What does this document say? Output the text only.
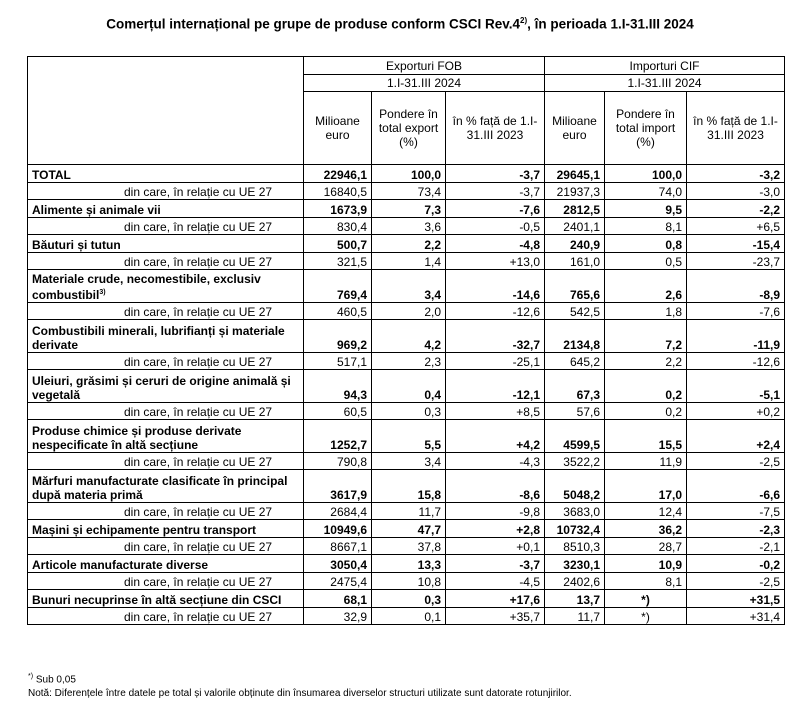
Comerțul internațional pe grupe de produse conform CSCI Rev.4$^{2)}$, în perioada 1.I-31.III 2024
	Exporturi FOB			Importuri CIF		
	1.I-31.III 2024			1.I-31.III 2024		
	Milioane euro	Pondere în total export (%)	în % față de 1.I-31.III 2023	Milioane euro	Pondere în total import (%)	în % față de 1.I-31.III 2023
TOTAL	22946,1	100,0	-3,7	29645,1	100,0	-3,2
din care, în relație cu UE 27	16840,5	73,4	-3,7	21937,3	74,0	-3,0
Alimente și animale vii	1673,9	7,3	-7,6	2812,5	9,5	-2,2
din care, în relație cu UE 27	830,4	3,6	-0,5	2401,1	8,1	+6,5
Băuturi și tutun	500,7	2,2	-4,8	240,9	0,8	-15,4
din care, în relație cu UE 27	321,5	1,4	+13,0	161,0	0,5	-23,7
Materiale crude, necomestibile, exclusiv combustibil$^{3)}$	769,4	3,4	-14,6	765,6	2,6	-8,9
din care, în relație cu UE 27	460,5	2,0	-12,6	542,5	1,8	-7,6
Combustibili minerali, lubrifianți și materiale derivate	969,2	4,2	-32,7	2134,8	7,2	-11,9
din care, în relație cu UE 27	517,1	2,3	-25,1	645,2	2,2	-12,6
Uleiuri, grăsimi și ceruri de origine animală și vegetală	94,3	0,4	-12,1	67,3	0,2	-5,1
din care, în relație cu UE 27	60,5	0,3	+8,5	57,6	0,2	+0,2
Produse chimice și produse derivate nespecificate în altă secțiune	1252,7	5,5	+4,2	4599,5	15,5	+2,4
din care, în relație cu UE 27	790,8	3,4	-4,3	3522,2	11,9	-2,5
Mărfuri manufacturate clasificate în principal după materia primă	3617,9	15,8	-8,6	5048,2	17,0	-6,6
din care, în relație cu UE 27	2684,4	11,7	-9,8	3683,0	12,4	-7,5
Mașini și echipamente pentru transport	10949,6	47,7	+2,8	10732,4	36,2	-2,3
din care, în relație cu UE 27	8667,1	37,8	+0,1	8510,3	28,7	-2,1
Articole manufacturate diverse	3050,4	13,3	-3,7	3230,1	10,9	-0,2
din care, în relație cu UE 27	2475,4	10,8	-4,5	2402,6	8,1	-2,5
Bunuri necuprinse în altă secțiune din CSCI	68,1	0,3	+17,6	13,7	*)	+31,5
din care, în relație cu UE 27	32,9	0,1	+35,7	11,7	*)	+31,4
*) Sub 0,05
Notă: Diferențele între datele pe total și valorile obținute din însumarea diverselor structuri utilizate sunt datorate rotunjirilor.
